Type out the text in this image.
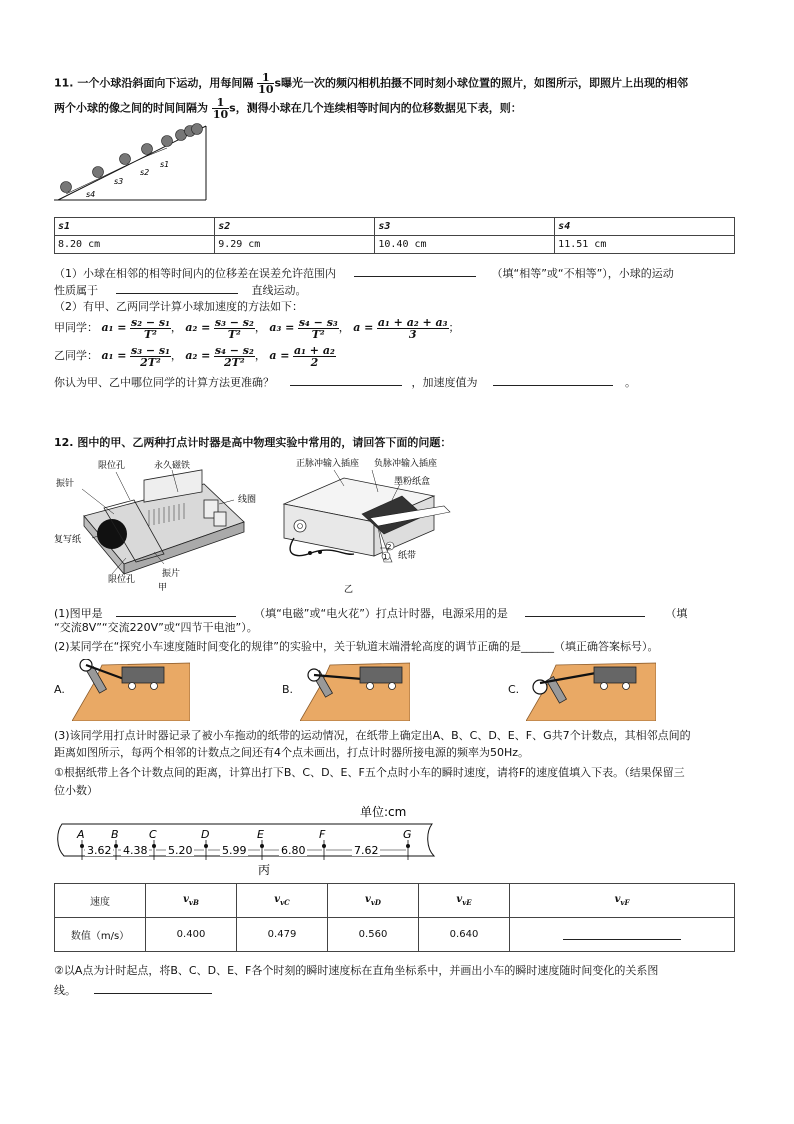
11. 一个小球沿斜面向下运动，用每间隔 $\frac{1}{10}$ s曝光一次的频闪相机拍摄不同时刻小球位置的照片，如图所示，即照片上出现的相邻
两个小球的像之间的时间间隔为 $\frac{1}{10}$ s，测得小球在几个连续相等时间内的位移数据见下表，则：
s4
s3
s2
s1
s1	s2	s3	s4
8.20 cm	9.29 cm	10.40 cm	11.51 cm
（1）小球在相邻的相等时间内的位移差在误差允许范围内	（填“相等”或“不相等”），小球的运动
性质属于	直线运动。
（2）有甲、乙两同学计算小球加速度的方法如下：
甲同学： $a_1 = \frac{\text{s₂ − s₁}}{\text{T²}}$ ， $a_2 = \frac{\text{s₃ − s₂}}{\text{T²}}$ ， $a_3 = \frac{\text{s₄ − s₃}}{\text{T²}}$ ， $a = \frac{\text{a₁ + a₂ + a₃}}{3}$ ；
乙同学： $a_1 = \frac{\text{s₃ − s₁}}{\text{2T²}}$ ， $a_2 = \frac{\text{s₄ − s₂}}{\text{2T²}}$ ， $a = \frac{\text{a₁ + a₂}}{2}$
你认为甲、乙中哪位同学的计算方法更准确？	，加速度值为	。
12. 图中的甲、乙两种打点计时器是高中物理实验中常用的，请回答下面的问题：
限位孔	永久磁铁
振针
线圈
复写纸
限位孔
振片
甲
正脉冲输入插座 负脉冲输入插座
墨粉纸盒
1
2
纸带
乙
(1)图甲是	（填“电磁”或“电火花”）打点计时器，电源采用的是	（填
“交流8V”“交流220V”或“四节干电池”）。
(2)某同学在“探究小车速度随时间变化的规律”的实验中，关于轨道末端滑轮高度的调节正确的是______（填正确答案标号）。
A.	B.	C.
(3)该同学用打点计时器记录了被小车拖动的纸带的运动情况，在纸带上确定出A、B、C、D、E、F、G共7个计数点，其相邻点间的
距离如图所示，每两个相邻的计数点之间还有4个点未画出，打点计时器所接电源的频率为50Hz。
①根据纸带上各个计数点间的距离，计算出打下B、C、D、E、F五个点时小车的瞬时速度，请将F的速度值填入下表。（结果保留三
位小数）
单位:cm
A B	C	D	E	F	G
3.62 4.38 5.20	5.99	6.80	7.62
丙
速度	$v_{vB}$	$v_{vC}$	$v_{vD}$	$v_{vE}$	$v_{vF}$
数值（m/s）	0.400	0.479	0.560	0.640	
②以A点为计时起点，将B、C、D、E、F各个时刻的瞬时速度标在直角坐标系中，并画出小车的瞬时速度随时间变化的关系图
线。
